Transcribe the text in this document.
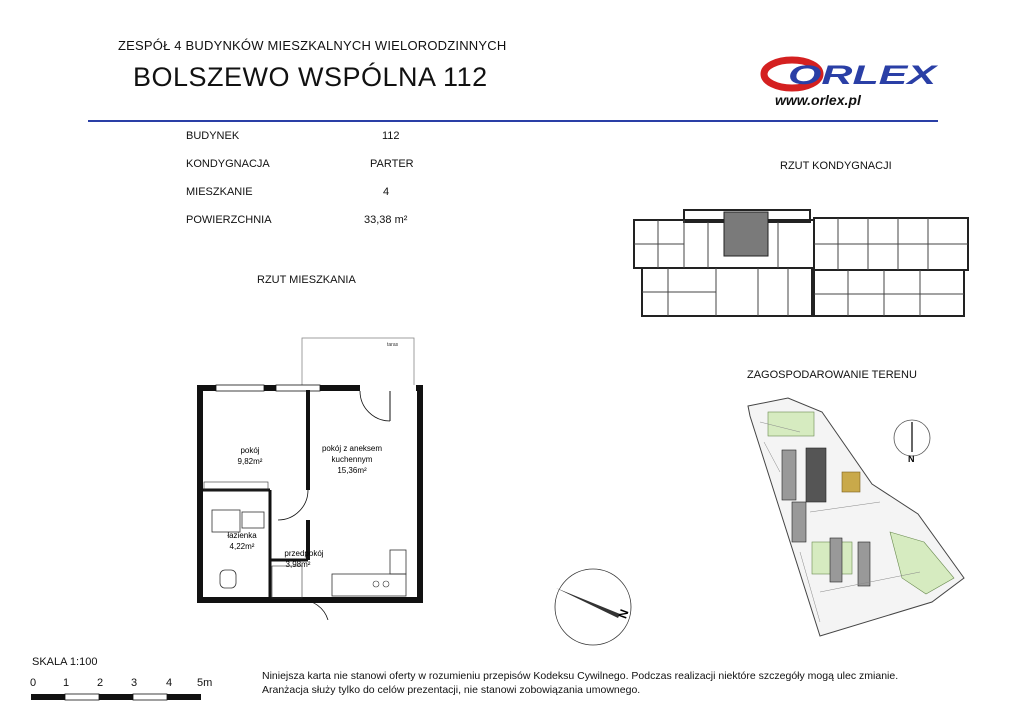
ZESPÓŁ 4 BUDYNKÓW MIESZKALNYCH WIELORODZINNYCH
BOLSZEWO WSPÓLNA 112	ORLEX
www.orlex.pl
BUDYNEK	112
KONDYGNACJA	PARTER
MIESZKANIE	4
POWIERZCHNIA	33,38 m²
RZUT MIESZKANIA
RZUT KONDYGNACJI
ZAGOSPODAROWANIE TERENU
taras
pokój
9,82m²
pokój z aneksem
kuchennym
15,36m²
łazienka
4,22m²
przedpokój
3,98m²
N
N
SKALA 1:100
0 1	2	3	4 5m
Niniejsza karta nie stanowi oferty w rozumieniu przepisów Kodeksu Cywilnego. Podczas realizacji niektóre szczegóły mogą ulec zmianie.
Aranżacja służy tylko do celów prezentacji, nie stanowi zobowiązania umownego.
